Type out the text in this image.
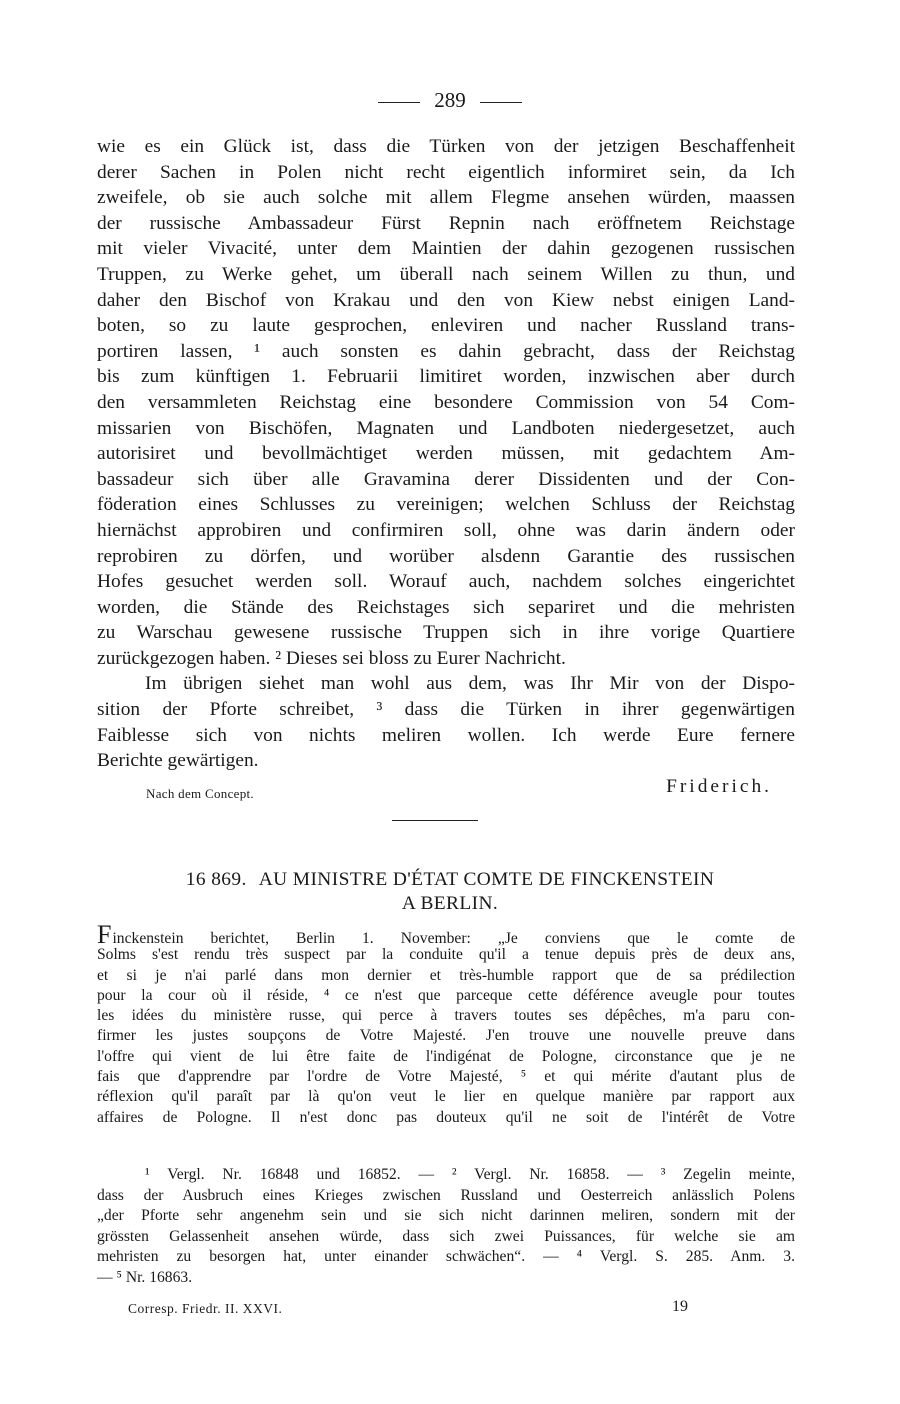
289
wie es ein Glück ist, dass die Türken von der jetzigen Beschaffenheit
derer Sachen in Polen nicht recht eigentlich informiret sein, da Ich
zweifele, ob sie auch solche mit allem Flegme ansehen würden, maassen
der russische Ambassadeur Fürst Repnin nach eröffnetem Reichstage
mit vieler Vivacité, unter dem Maintien der dahin gezogenen russischen
Truppen, zu Werke gehet, um überall nach seinem Willen zu thun, und
daher den Bischof von Krakau und den von Kiew nebst einigen Land-
boten, so zu laute gesprochen, enleviren und nacher Russland trans-
portiren lassen, ¹ auch sonsten es dahin gebracht, dass der Reichstag
bis zum künftigen 1. Februarii limitiret worden, inzwischen aber durch
den versammleten Reichstag eine besondere Commission von 54 Com-
missarien von Bischöfen, Magnaten und Landboten niedergesetzet, auch
autorisiret und bevollmächtiget werden müssen, mit gedachtem Am-
bassadeur sich über alle Gravamina derer Dissidenten und der Con-
föderation eines Schlusses zu vereinigen; welchen Schluss der Reichstag
hiernächst approbiren und confirmiren soll, ohne was darin ändern oder
reprobiren zu dörfen, und worüber alsdenn Garantie des russischen
Hofes gesuchet werden soll. Worauf auch, nachdem solches eingerichtet
worden, die Stände des Reichstages sich separiret und die mehristen
zu Warschau gewesene russische Truppen sich in ihre vorige Quartiere
zurückgezogen haben. ² Dieses sei bloss zu Eurer Nachricht.
Im übrigen siehet man wohl aus dem, was Ihr Mir von der Dispo-
sition der Pforte schreibet, ³ dass die Türken in ihrer gegenwärtigen
Faiblesse sich von nichts meliren wollen. Ich werde Eure fernere
Berichte gewärtigen.
Nach dem Concept.	Friderich.
16 869. AU MINISTRE D'ÉTAT COMTE DE FINCKENSTEIN
A BERLIN.
Finckenstein berichtet, Berlin 1. November: „Je conviens que le comte de
Solms s'est rendu très suspect par la conduite qu'il a tenue depuis près de deux ans,
et si je n'ai parlé dans mon dernier et très-humble rapport que de sa prédilection
pour la cour où il réside, ⁴ ce n'est que parceque cette déférence aveugle pour toutes
les idées du ministère russe, qui perce à travers toutes ses dépêches, m'a paru con-
firmer les justes soupçons de Votre Majesté. J'en trouve une nouvelle preuve dans
l'offre qui vient de lui être faite de l'indigénat de Pologne, circonstance que je ne
fais que d'apprendre par l'ordre de Votre Majesté, ⁵ et qui mérite d'autant plus de
réflexion qu'il paraît par là qu'on veut le lier en quelque manière par rapport aux
affaires de Pologne. Il n'est donc pas douteux qu'il ne soit de l'intérêt de Votre
¹ Vergl. Nr. 16848 und 16852. — ² Vergl. Nr. 16858. — ³ Zegelin meinte,
dass der Ausbruch eines Krieges zwischen Russland und Oesterreich anlässlich Polens
„der Pforte sehr angenehm sein und sie sich nicht darinnen meliren, sondern mit der
grössten Gelassenheit ansehen würde, dass sich zwei Puissances, für welche sie am
mehristen zu besorgen hat, unter einander schwächen“. — ⁴ Vergl. S. 285. Anm. 3.
— ⁵ Nr. 16863.
Corresp. Friedr. II. XXVI.	19
